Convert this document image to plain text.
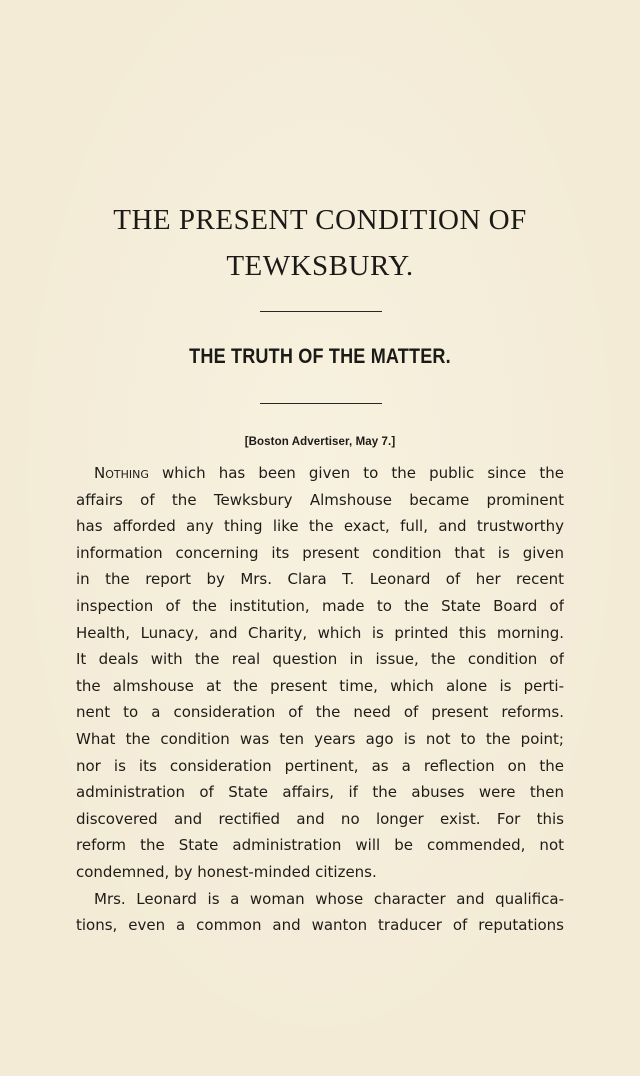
THE PRESENT CONDITION OF
TEWKSBURY.
THE TRUTH OF THE MATTER.
[Boston Advertiser, May 7.]

Nothing which has been given to the public since the
affairs of the Tewksbury Almshouse became prominent
has afforded any thing like the exact, full, and trustworthy
information concerning its present condition that is given
in the report by Mrs. Clara T. Leonard of her recent
inspection of the institution, made to the State Board of
Health, Lunacy, and Charity, which is printed this morning.
It deals with the real question in issue, the condition of
the almshouse at the present time, which alone is perti-
nent to a consideration of the need of present reforms.
What the condition was ten years ago is not to the point;
nor is its consideration pertinent, as a reflection on the
administration of State affairs, if the abuses were then
discovered and rectified and no longer exist. For this
reform the State administration will be commended, not
condemned, by honest-minded citizens.

Mrs. Leonard is a woman whose character and qualifica-
tions, even a common and wanton traducer of reputations
